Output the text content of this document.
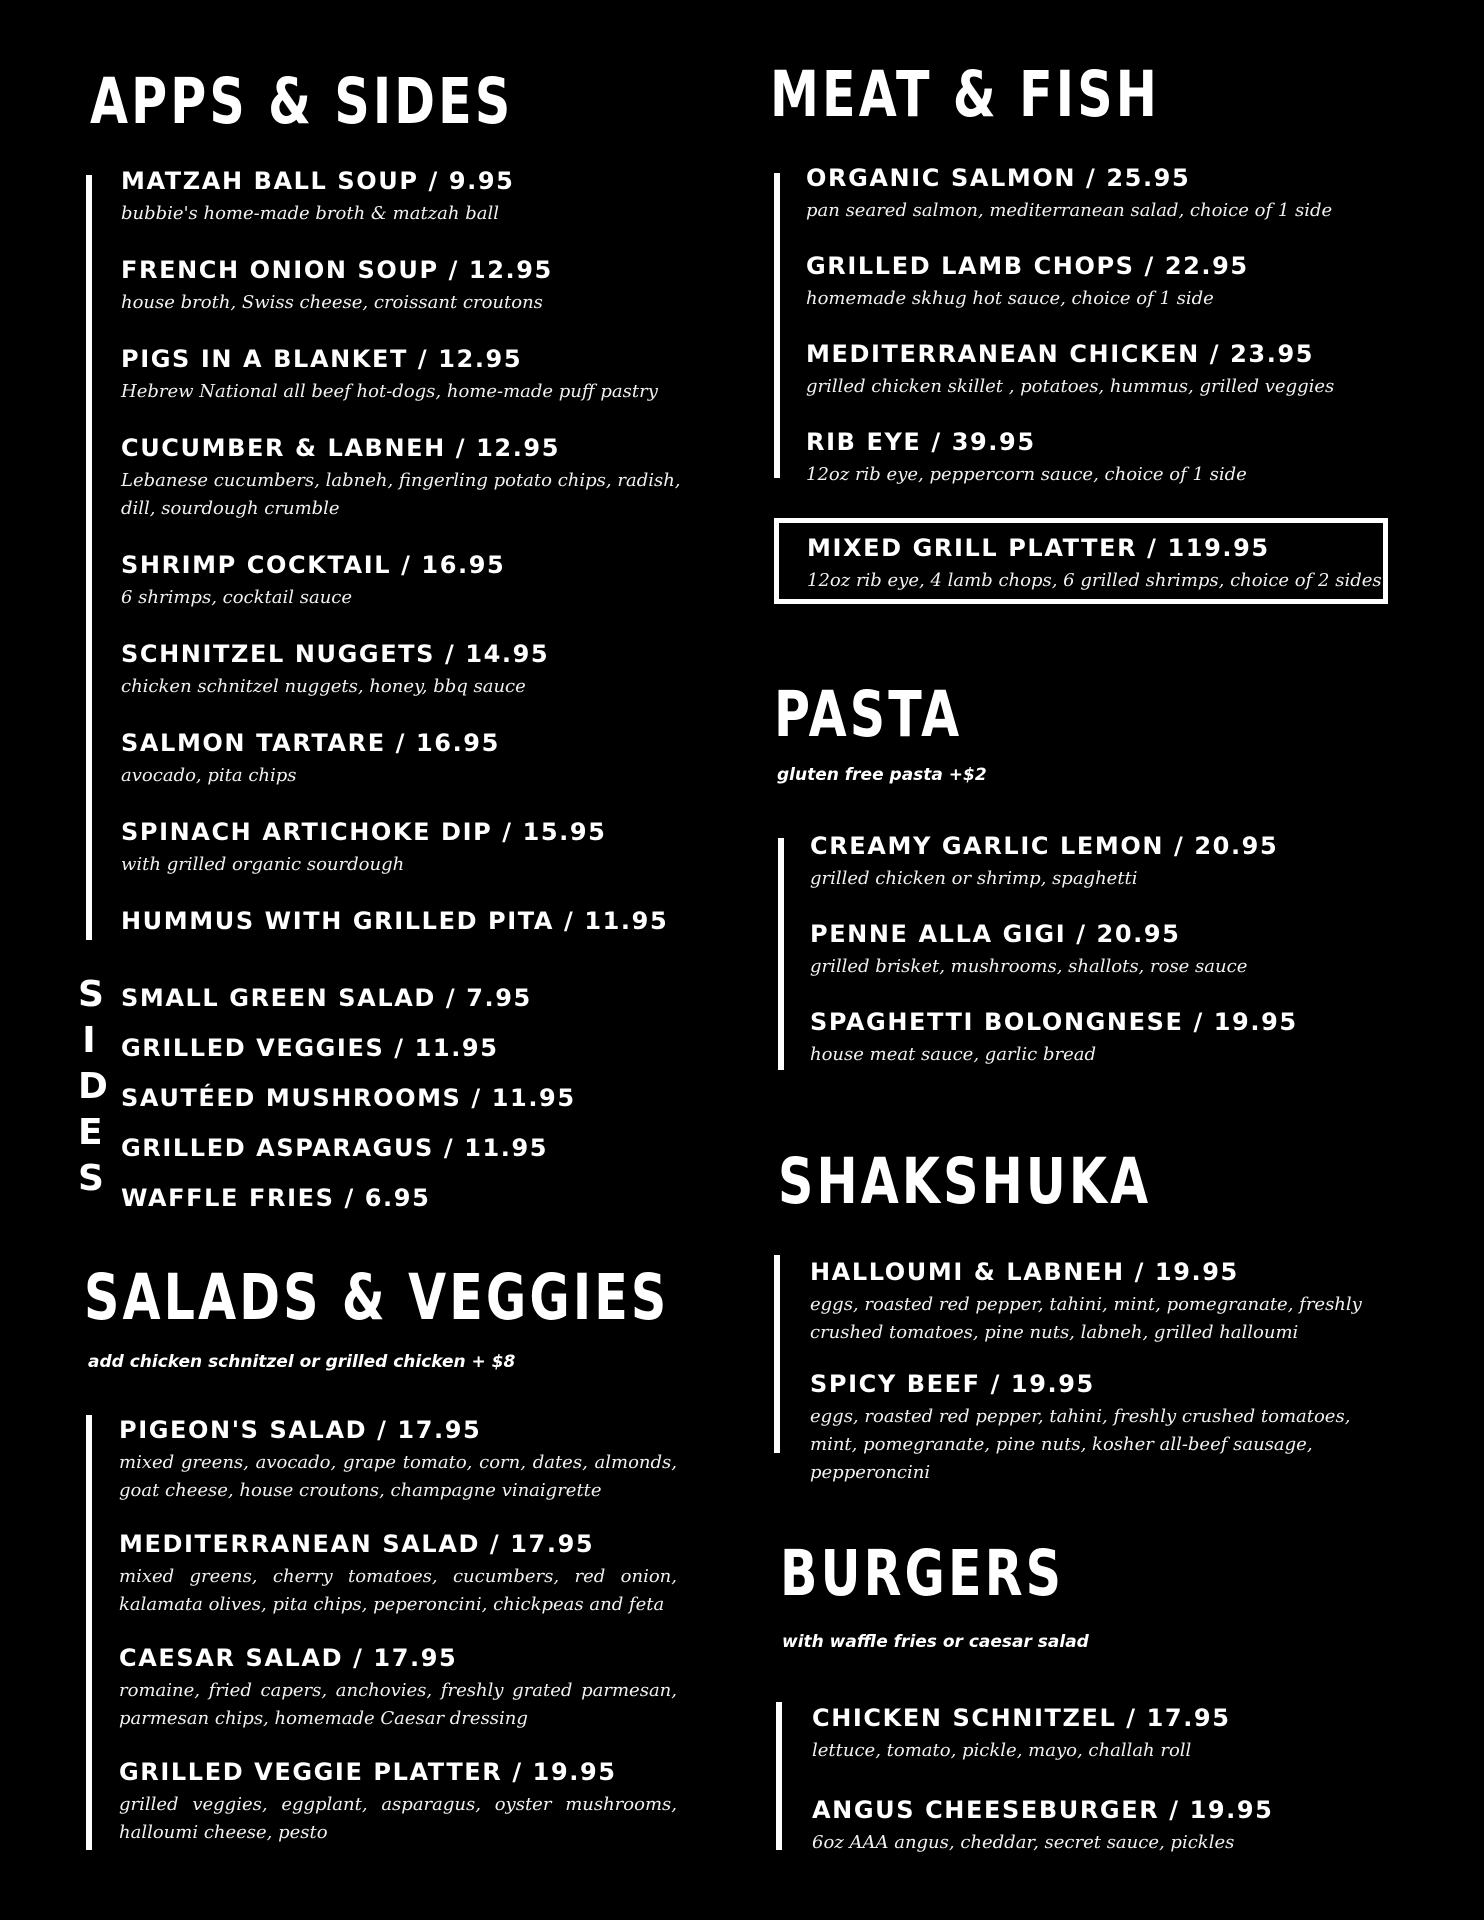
APPS & SIDES
MATZAH BALL SOUP / 9.95
bubbie's home-made broth & matzah ball
FRENCH ONION SOUP / 12.95
house broth, Swiss cheese, croissant croutons
PIGS IN A BLANKET / 12.95
Hebrew National all beef hot-dogs, home-made puff pastry
CUCUMBER & LABNEH / 12.95
Lebanese cucumbers, labneh, fingerling potato chips, radish, dill, sourdough crumble
SHRIMP COCKTAIL / 16.95
6 shrimps, cocktail sauce
SCHNITZEL NUGGETS / 14.95
chicken schnitzel nuggets, honey, bbq sauce
SALMON TARTARE / 16.95
avocado, pita chips
SPINACH ARTICHOKE DIP / 15.95
with grilled organic sourdough
HUMMUS WITH GRILLED PITA / 11.95
S
I
D
E
S
SMALL GREEN SALAD / 7.95
GRILLED VEGGIES / 11.95
SAUTÉED MUSHROOMS / 11.95
GRILLED ASPARAGUS / 11.95
WAFFLE FRIES / 6.95
SALADS & VEGGIES
add chicken schnitzel or grilled chicken + $8
PIGEON'S SALAD / 17.95
mixed greens, avocado, grape tomato, corn, dates, almonds, goat cheese, house croutons, champagne vinaigrette
MEDITERRANEAN SALAD / 17.95
mixed greens, cherry tomatoes, cucumbers, red onion, kalamata olives, pita chips, peperoncini, chickpeas and feta
CAESAR SALAD / 17.95
romaine, fried capers, anchovies, freshly grated parmesan, parmesan chips, homemade Caesar dressing
GRILLED VEGGIE PLATTER / 19.95
grilled veggies, eggplant, asparagus, oyster mushrooms, halloumi cheese, pesto
MEAT & FISH
ORGANIC SALMON / 25.95
pan seared salmon, mediterranean salad, choice of 1 side
GRILLED LAMB CHOPS / 22.95
homemade skhug hot sauce, choice of 1 side
MEDITERRANEAN CHICKEN / 23.95
grilled chicken skillet , potatoes, hummus, grilled veggies
RIB EYE / 39.95
12oz rib eye, peppercorn sauce, choice of 1 side
MIXED GRILL PLATTER / 119.95
12oz rib eye, 4 lamb chops, 6 grilled shrimps, choice of 2 sides
PASTA
gluten free pasta +$2
CREAMY GARLIC LEMON / 20.95
grilled chicken or shrimp, spaghetti
PENNE ALLA GIGI / 20.95
grilled brisket, mushrooms, shallots, rose sauce
SPAGHETTI BOLONGNESE / 19.95
house meat sauce, garlic bread
SHAKSHUKA
HALLOUMI & LABNEH / 19.95
eggs, roasted red pepper, tahini, mint, pomegranate, freshly crushed tomatoes, pine nuts, labneh, grilled halloumi
SPICY BEEF / 19.95
eggs, roasted red pepper, tahini, freshly crushed tomatoes, mint, pomegranate, pine nuts, kosher all-beef sausage, pepperoncini
BURGERS
with waffle fries or caesar salad
CHICKEN SCHNITZEL / 17.95
lettuce, tomato, pickle, mayo, challah roll
ANGUS CHEESEBURGER / 19.95
6oz AAA angus, cheddar, secret sauce, pickles
